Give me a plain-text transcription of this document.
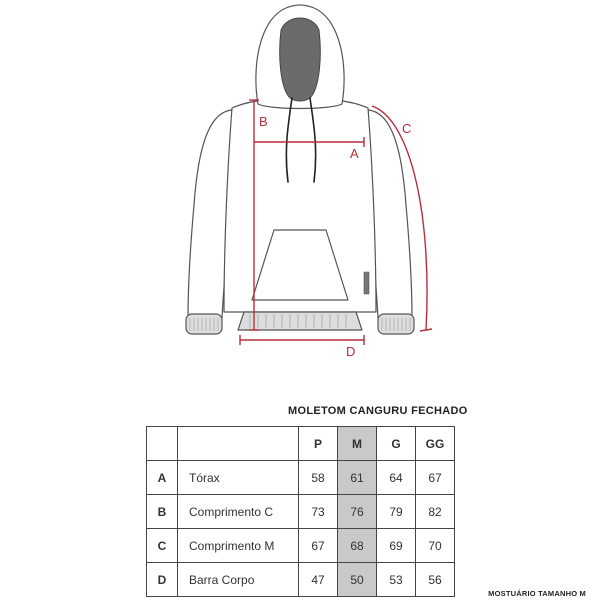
A
B	C
D
MOLETOM CANGURU FECHADO
		P	M	G	GG
A	Tórax	58	61	64	67
B	Comprimento C	73	76	79	82
C	Comprimento M	67	68	69	70
D	Barra Corpo	47	50	53	56
MOSTUÁRIO TAMANHO M
